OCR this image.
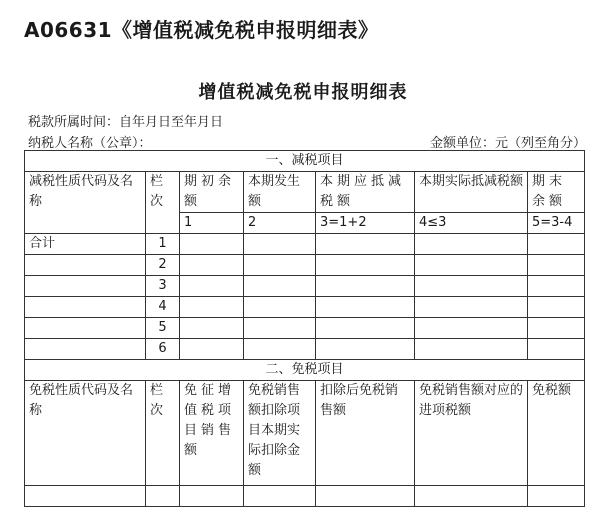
A06631《增值税减免税申报明细表》
增值税减免税申报明细表
税款所属时间：自年月日至年月日
纳税人名称（公章）：	金额单位：元（列至角分）
一、减税项目						
减税性质代码及名称	栏次	期初余额	本期发生额	本期应抵减税额	本期实际抵减税额	期末余额
		1	2	3=1+2	4≤3	5=3-4
合计	1					
	2					
	3					
	4					
	5					
	6					
二、免税项目						
免税性质代码及名称	栏次	免征增值税项目销售额	免税销售额扣除项目本期实际扣除金额	扣除后免税销售额	免税销售额对应的进项税额	免税额
